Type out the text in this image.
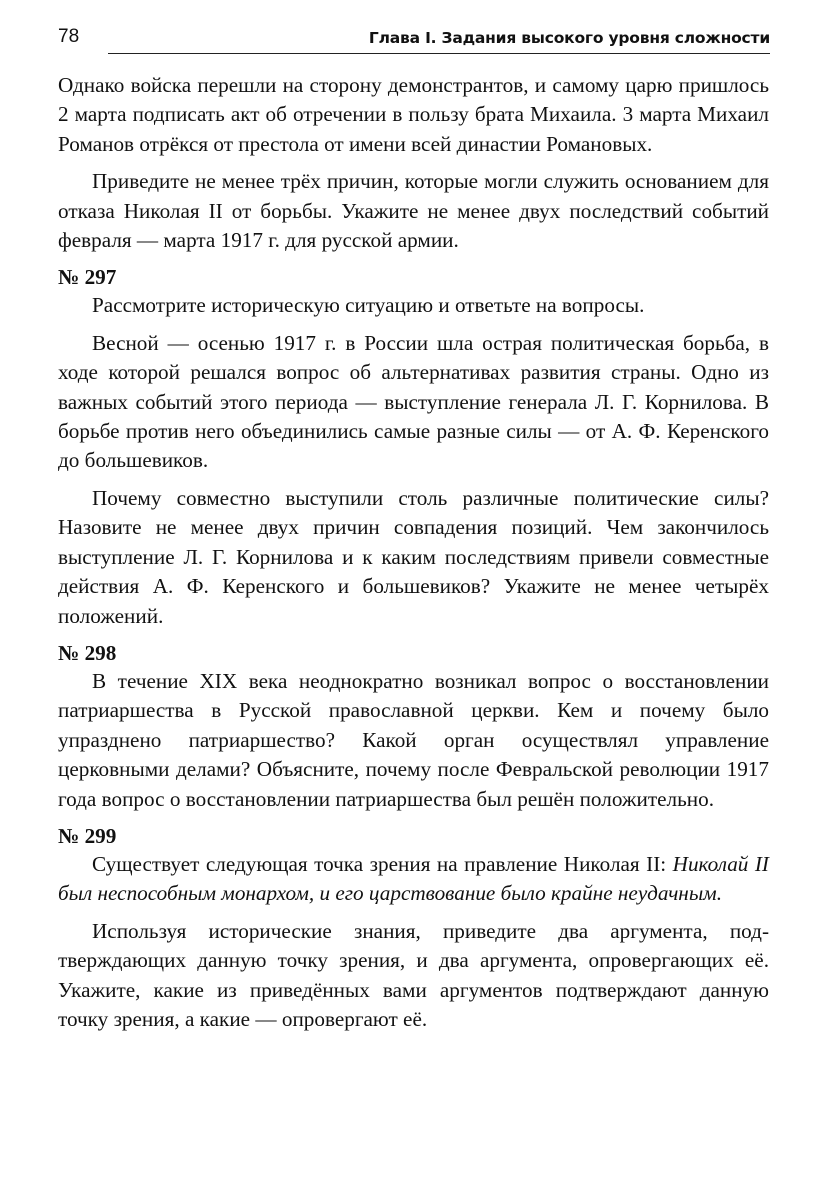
78	Глава I. Задания высокого уровня сложности

Однако войска перешли на сторону демонстрантов, и самому царю пришлось 2 марта подписать акт об отречении в пользу брата Михаила. 3 марта Михаил Романов отрёкся от престола от имени всей династии Романовых.

Приведите не менее трёх причин, которые могли служить основанием для отказа Николая II от борьбы. Укажите не менее двух последствий событий февраля — марта 1917 г. для русской армии.

№ 297

Рассмотрите историческую ситуацию и ответьте на вопросы.

Весной — осенью 1917 г. в России шла острая политическая борьба, в ходе которой решался вопрос об альтернативах развития страны. Одно из важных событий этого периода — выступление генерала Л. Г. Корнилова. В борьбе против него объединились самые разные силы — от А. Ф. Керенского до большевиков.

Почему совместно выступили столь различные политические силы? Назовите не менее двух причин совпадения позиций. Чем закончилось выступление Л. Г. Корнилова и к каким последствиям привели совместные действия А. Ф. Керенского и большевиков? Укажите не менее четырёх положений.

№ 298

В течение XIX века неоднократно возникал вопрос о восстановлении патриаршества в Русской православной церкви. Кем и почему было упразднено патриаршество? Какой орган осуществлял управление церковными делами? Объясните, почему после Февральской революции 1917 года вопрос о восстановлении патриаршества был решён положительно.

№ 299

Существует следующая точка зрения на правление Николая II: Николай II был неспособным монархом, и его царствование было крайне неудачным.

Используя исторические знания, приведите два аргумента, подтверждающих данную точку зрения, и два аргумента, опровергающих её. Укажите, какие из приведённых вами аргументов подтверждают данную точку зрения, а какие — опровергают её.
